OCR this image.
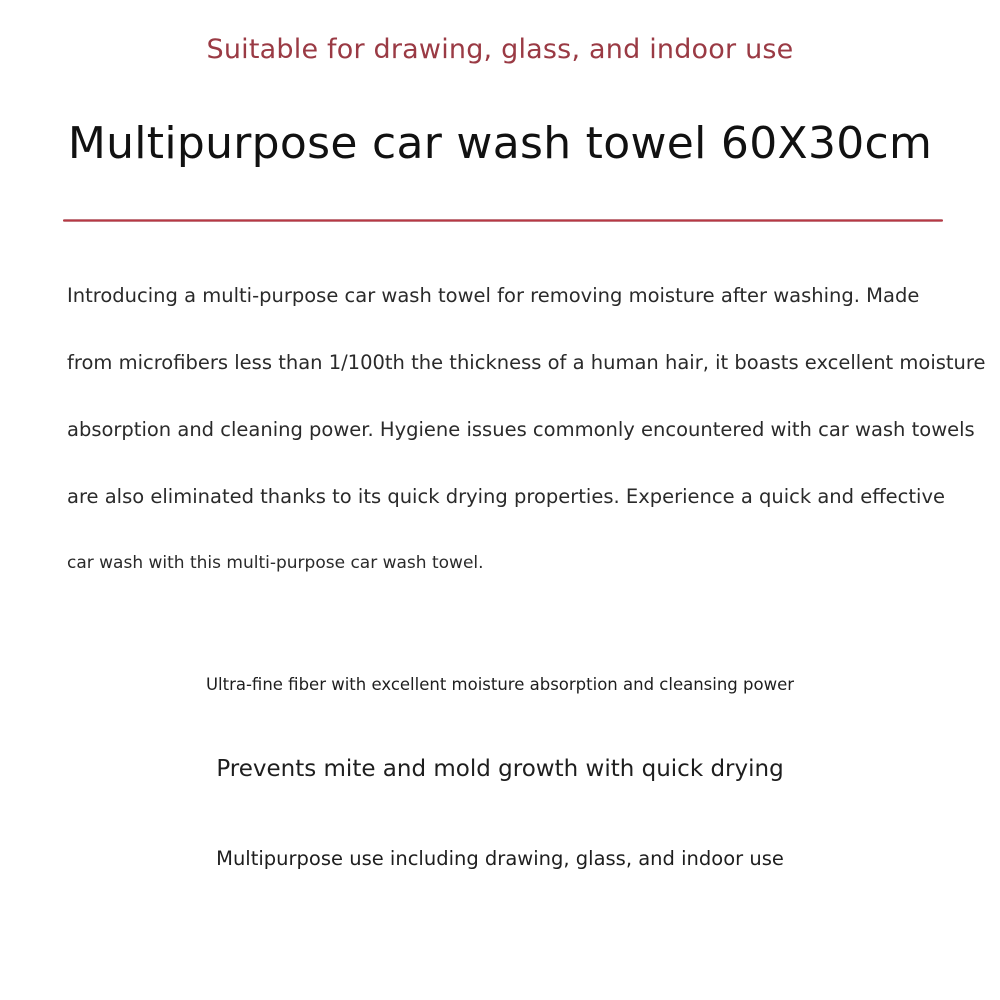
Suitable for drawing, glass, and indoor use
Multipurpose car wash towel 60X30cm
Introducing a multi-purpose car wash towel for removing moisture after washing. Made
from microfibers less than 1/100th the thickness of a human hair, it boasts excellent moisture
absorption and cleaning power. Hygiene issues commonly encountered with car wash towels
are also eliminated thanks to its quick drying properties. Experience a quick and effective
car wash with this multi-purpose car wash towel.
Ultra-fine fiber with excellent moisture absorption and cleansing power
Prevents mite and mold growth with quick drying
Multipurpose use including drawing, glass, and indoor use
